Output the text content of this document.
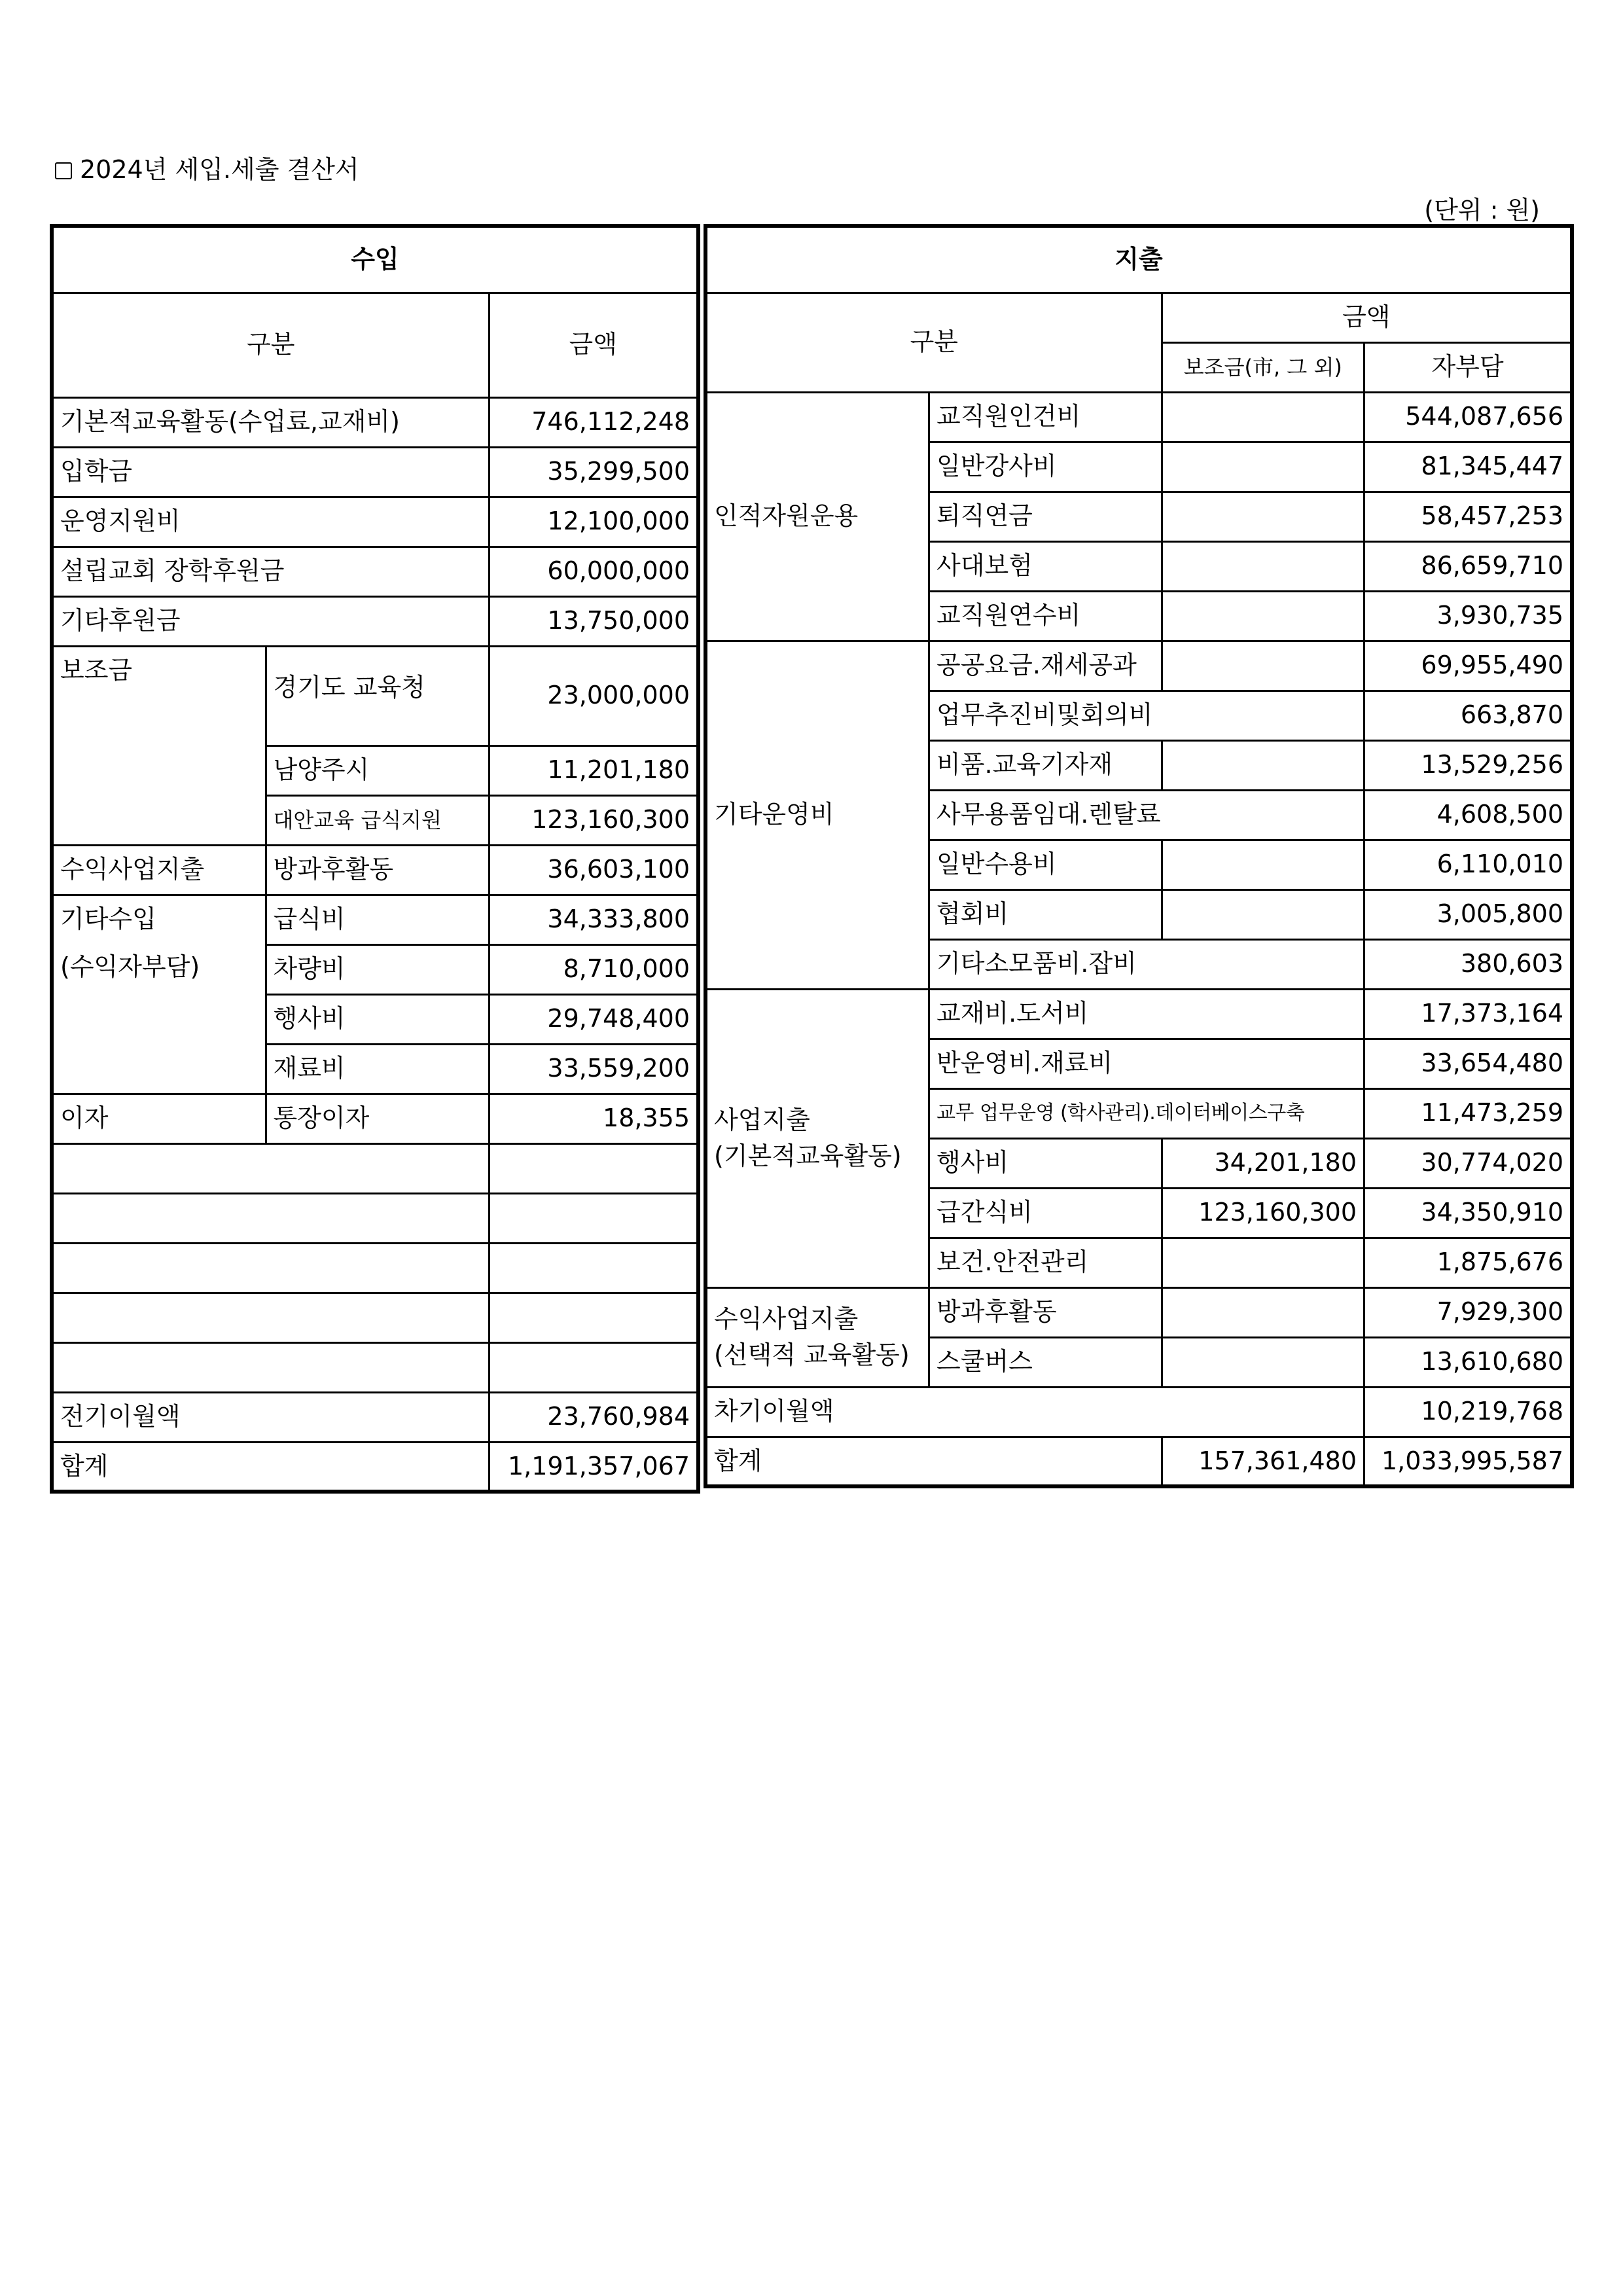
2024년 세입.세출 결산서
(단위 : 원)
수입		
구분		금액
기본적교육활동(수업료,교재비)		746,112,248
입학금		35,299,500
운영지원비		12,100,000
설립교회 장학후원금		60,000,000
기타후원금		13,750,000
보조금	경기도 교육청	23,000,000
	남양주시	11,201,180
	대안교육 급식지원	123,160,300
수익사업지출	방과후활동	36,603,100

기타수입
(수익자부담)	급식비	34,333,800
	차량비	8,710,000
	행사비	29,748,400
	재료비	33,559,200
이자	통장이자	18,355

전기이월액		23,760,984
합계		1,191,357,067
지출			
구분		금액	
		보조금(市, 그 외)	자부담
인적자원운용	교직원인건비		544,087,656
	일반강사비		81,345,447
	퇴직연금		58,457,253
	사대보험		86,659,710
	교직원연수비		3,930,735
기타운영비	공공요금.재세공과		69,955,490
	업무추진비및회의비		663,870
	비품.교육기자재		13,529,256
	사무용품임대.렌탈료		4,608,500
	일반수용비		6,110,010
	협회비		3,005,800
	기타소모품비.잡비		380,603

사업지출
(기본적교육활동)	교재비.도서비		17,373,164
	반운영비.재료비		33,654,480
	교무 업무운영 (학사관리).데이터베이스구축		11,473,259
	행사비	34,201,180	30,774,020
	급간식비	123,160,300	34,350,910
	보건.안전관리		1,875,676

수익사업지출
(선택적 교육활동)	방과후활동		7,929,300
	스쿨버스		13,610,680
차기이월액			10,219,768
합계		157,361,480	1,033,995,587
